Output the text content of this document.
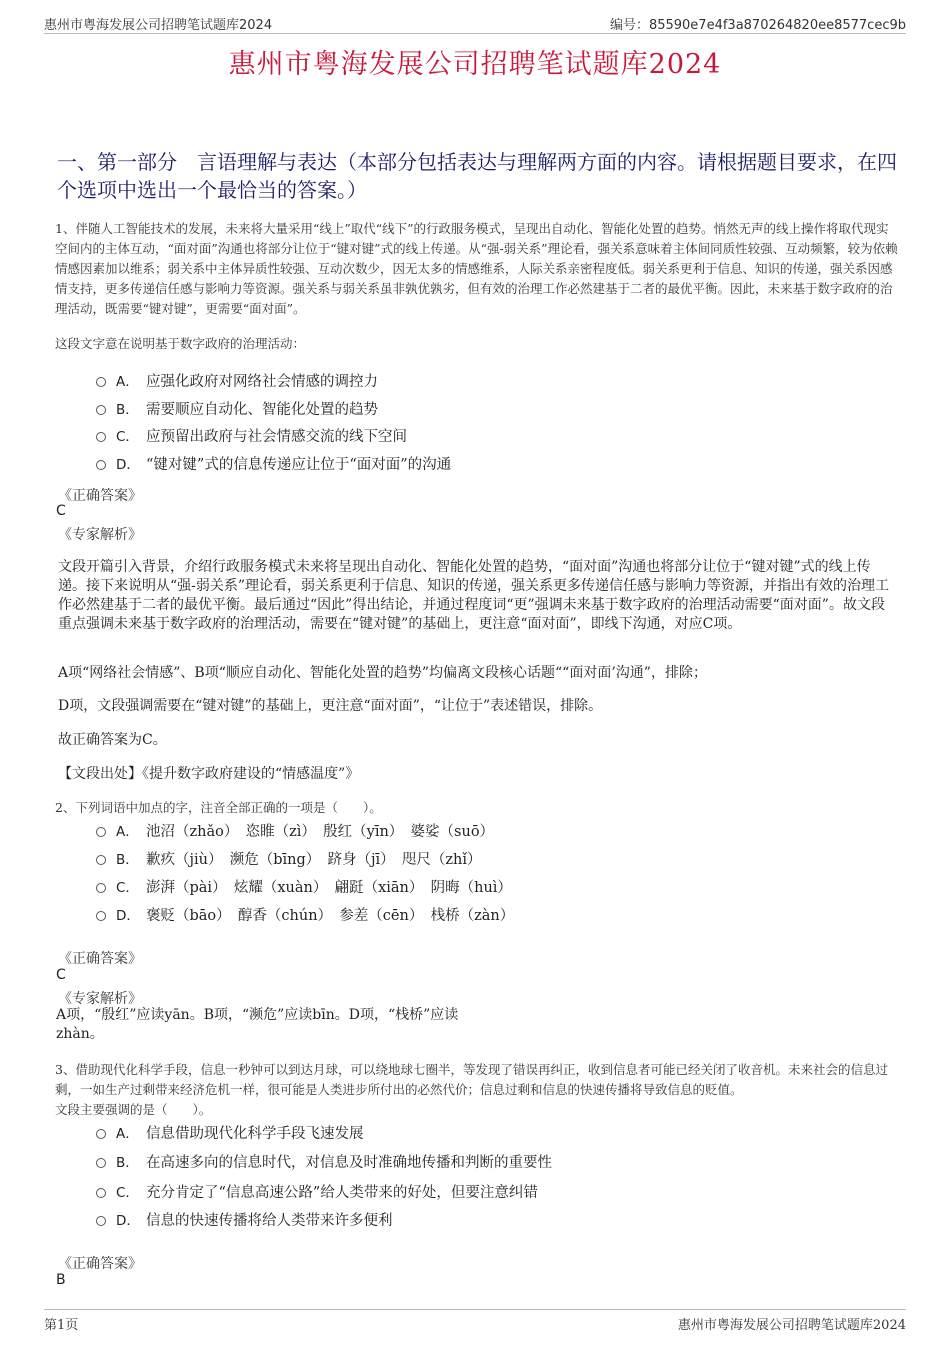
惠州市粤海发展公司招聘笔试题库2024	编号：85590e7e4f3a870264820ee8577cec9b
惠州市粤海发展公司招聘笔试题库2024
一、第一部分　言语理解与表达（本部分包括表达与理解两方面的内容。请根据题目要求，在四个选项中选出一个最恰当的答案。）
1、伴随人工智能技术的发展，未来将大量采用“线上”取代“线下”的行政服务模式，呈现出自动化、智能化处置的趋势。悄然无声的线上操作将取代现实空间内的主体互动，“面对面”沟通也将部分让位于“键对键”式的线上传递。从“强-弱关系”理论看，强关系意味着主体间同质性较强、互动频繁，较为依赖情感因素加以维系；弱关系中主体异质性较强、互动次数少，因无太多的情感维系，人际关系亲密程度低。弱关系更利于信息、知识的传递，强关系因感情支持，更多传递信任感与影响力等资源。强关系与弱关系虽非孰优孰劣，但有效的治理工作必然建基于二者的最优平衡。因此，未来基于数字政府的治理活动，既需要“键对键”，更需要“面对面”。
这段文字意在说明基于数字政府的治理活动：
A． 应强化政府对网络社会情感的调控力
B． 需要顺应自动化、智能化处置的趋势
C． 应预留出政府与社会情感交流的线下空间
D． “键对键”式的信息传递应让位于“面对面”的沟通
《正确答案》
C
《专家解析》
文段开篇引入背景，介绍行政服务模式未来将呈现出自动化、智能化处置的趋势，“面对面”沟通也将部分让位于“键对键”式的线上传递。接下来说明从“强-弱关系”理论看，弱关系更利于信息、知识的传递，强关系更多传递信任感与影响力等资源，并指出有效的治理工作必然建基于二者的最优平衡。最后通过“因此”得出结论，并通过程度词“更”强调未来基于数字政府的治理活动需要“面对面”。故文段重点强调未来基于数字政府的治理活动，需要在“键对键”的基础上，更注意“面对面”，即线下沟通，对应C项。
A项“网络社会情感”、B项“顺应自动化、智能化处置的趋势”均偏离文段核心话题““面对面’沟通”，排除；
D项，文段强调需要在“键对键”的基础上，更注意“面对面”，“让位于”表述错误，排除。
故正确答案为C。
【文段出处】《提升数字政府建设的“情感温度”》
2、下列词语中加点的字，注音全部正确的一项是（　　）。
A． 池沼（zhǎo）　恣睢（zì）　殷红（yīn）　婆娑（suō）
B． 歉疚（jiù）　濒危（bīng）　跻身（jī）　咫尺（zhǐ）
C． 澎湃（pài）　炫耀（xuàn）　翩跹（xiān）　阴晦（huì）
D． 褒贬（bāo）　醇香（chún）　参差（cēn）　栈桥（zàn）
《正确答案》
C
《专家解析》
A项，“殷红”应读yān。B项，“濒危”应读bīn。D项，“栈桥”应读zhàn。
3、借助现代化科学手段，信息一秒钟可以到达月球，可以绕地球七圈半，等发现了错误再纠正，收到信息者可能已经关闭了收音机。未来社会的信息过剩，一如生产过剩带来经济危机一样，很可能是人类进步所付出的必然代价；信息过剩和信息的快速传播将导致信息的贬值。
文段主要强调的是（　　）。
A． 信息借助现代化科学手段飞速发展
B． 在高速多向的信息时代，对信息及时准确地传播和判断的重要性
C． 充分肯定了“信息高速公路”给人类带来的好处，但要注意纠错
D． 信息的快速传播将给人类带来许多便利
《正确答案》
B
第1页	惠州市粤海发展公司招聘笔试题库2024
